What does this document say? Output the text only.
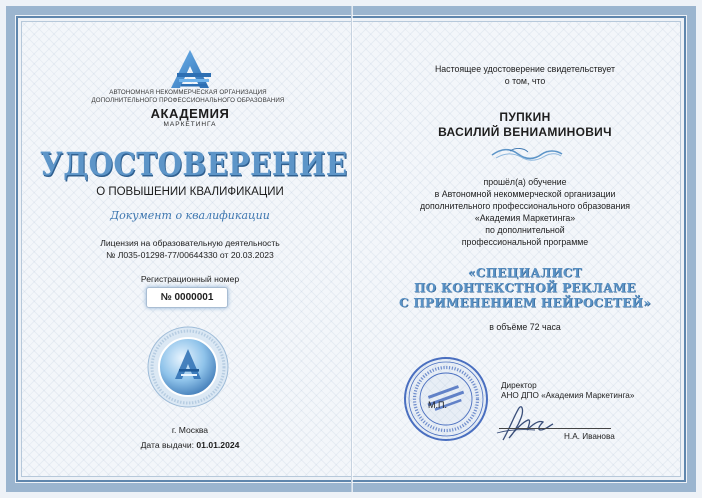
АВТОНОМНАЯ НЕКОММЕРЧЕСКАЯ ОРГАНИЗАЦИЯ
ДОПОЛНИТЕЛЬНОГО ПРОФЕССИОНАЛЬНОГО ОБРАЗОВАНИЯ
АКАДЕМИЯ
МАРКЕТИНГА
УДОСТОВЕРЕНИЕ
О ПОВЫШЕНИИ КВАЛИФИКАЦИИ
Документ о квалификации
Лицензия на образовательную деятельность
№ Л035-01298-77/00644330 от 20.03.2023
Регистрационный номер
№ 0000001
г. Москва
Дата выдачи: 01.01.2024
Настоящее удостоверение свидетельствует
о том, что
ПУПКИН
ВАСИЛИЙ ВЕНИАМИНОВИЧ
прошёл(а) обучение
в Автономной некоммерческой организации
дополнительного профессионального образования
«Академия Маркетинга»
по дополнительной
профессиональной программе
«СПЕЦИАЛИСТ
ПО КОНТЕКСТНОЙ РЕКЛАМЕ
С ПРИМЕНЕНИЕМ НЕЙРОСЕТЕЙ»
в объёме 72 часа
М.П.
Директор
АНО ДПО «Академия Маркетинга»
Н.А. Иванова
